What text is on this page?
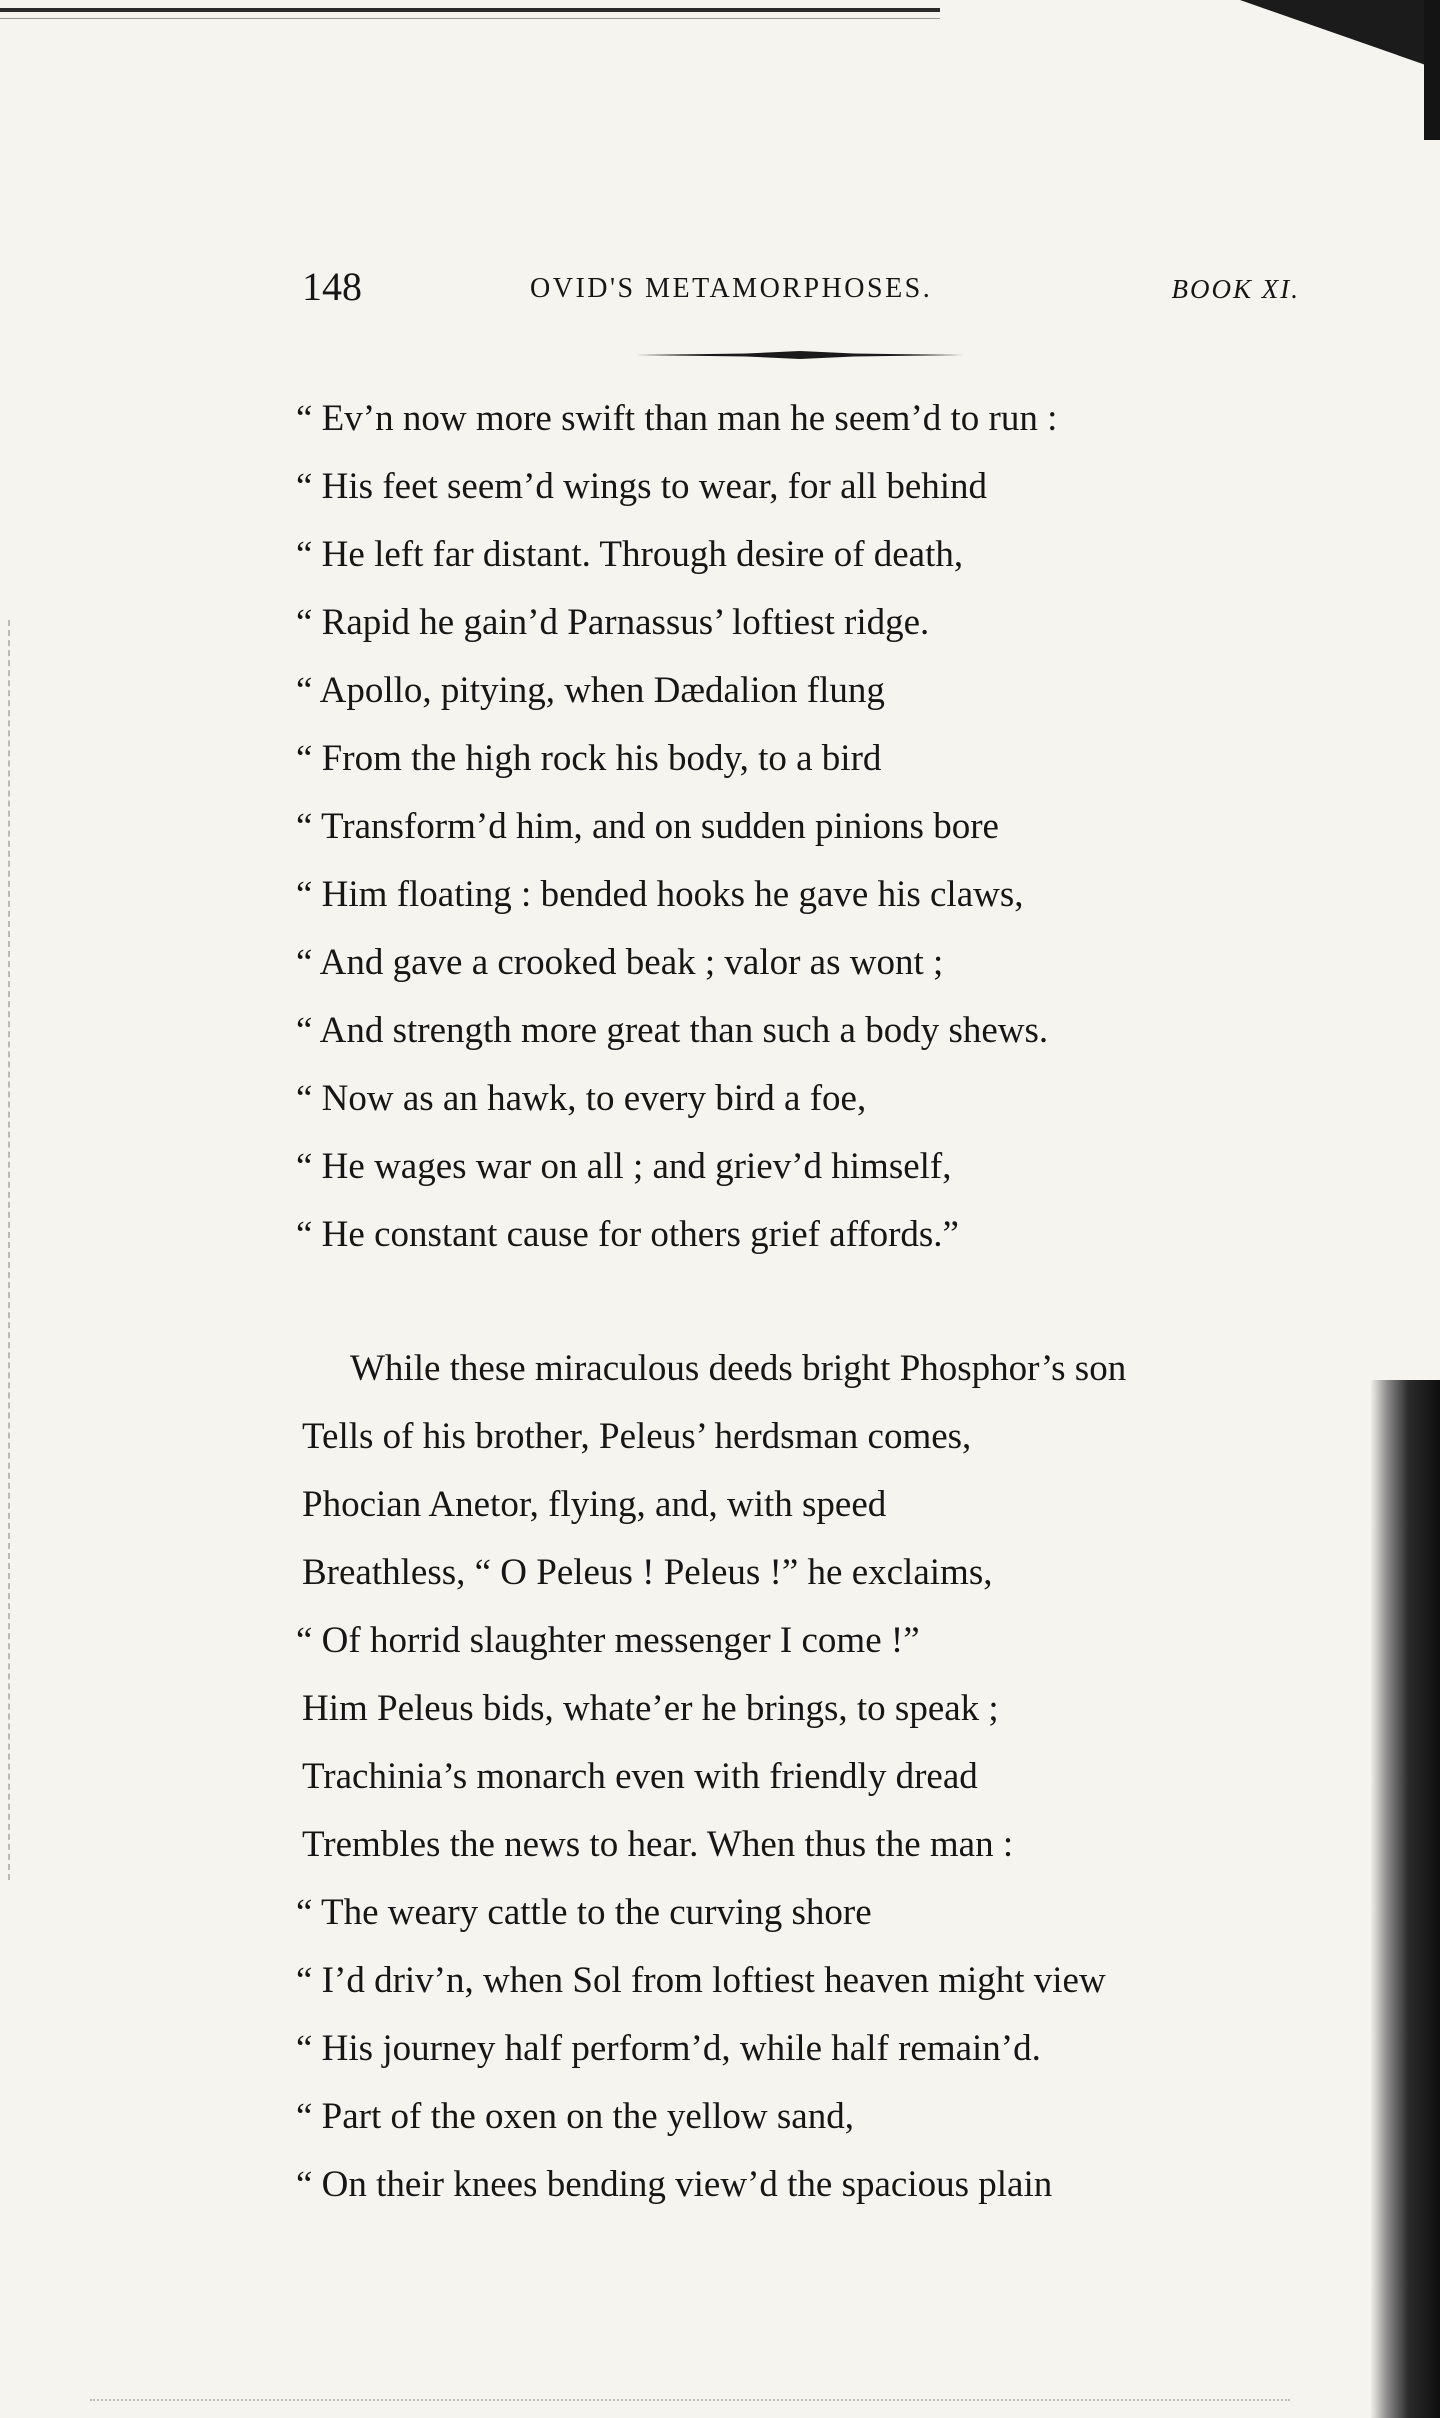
148	OVID'S METAMORPHOSES.	BOOK XI.
“ Ev’n now more swift than man he seem’d to run :
“ His feet seem’d wings to wear, for all behind
“ He left far distant. Through desire of death,
“ Rapid he gain’d Parnassus’ loftiest ridge.
“ Apollo, pitying, when Dædalion flung
“ From the high rock his body, to a bird
“ Transform’d him, and on sudden pinions bore
“ Him floating : bended hooks he gave his claws,
“ And gave a crooked beak ; valor as wont ;
“ And strength more great than such a body shews.
“ Now as an hawk, to every bird a foe,
“ He wages war on all ; and griev’d himself,
“ He constant cause for others grief affords.”
While these miraculous deeds bright Phosphor’s son
Tells of his brother, Peleus’ herdsman comes,
Phocian Anetor, flying, and, with speed
Breathless, “ O Peleus ! Peleus !” he exclaims,
“ Of horrid slaughter messenger I come !”
Him Peleus bids, whate’er he brings, to speak ;
Trachinia’s monarch even with friendly dread
Trembles the news to hear. When thus the man :
“ The weary cattle to the curving shore
“ I’d driv’n, when Sol from loftiest heaven might view
“ His journey half perform’d, while half remain’d.
“ Part of the oxen on the yellow sand,
“ On their knees bending view’d the spacious plain
